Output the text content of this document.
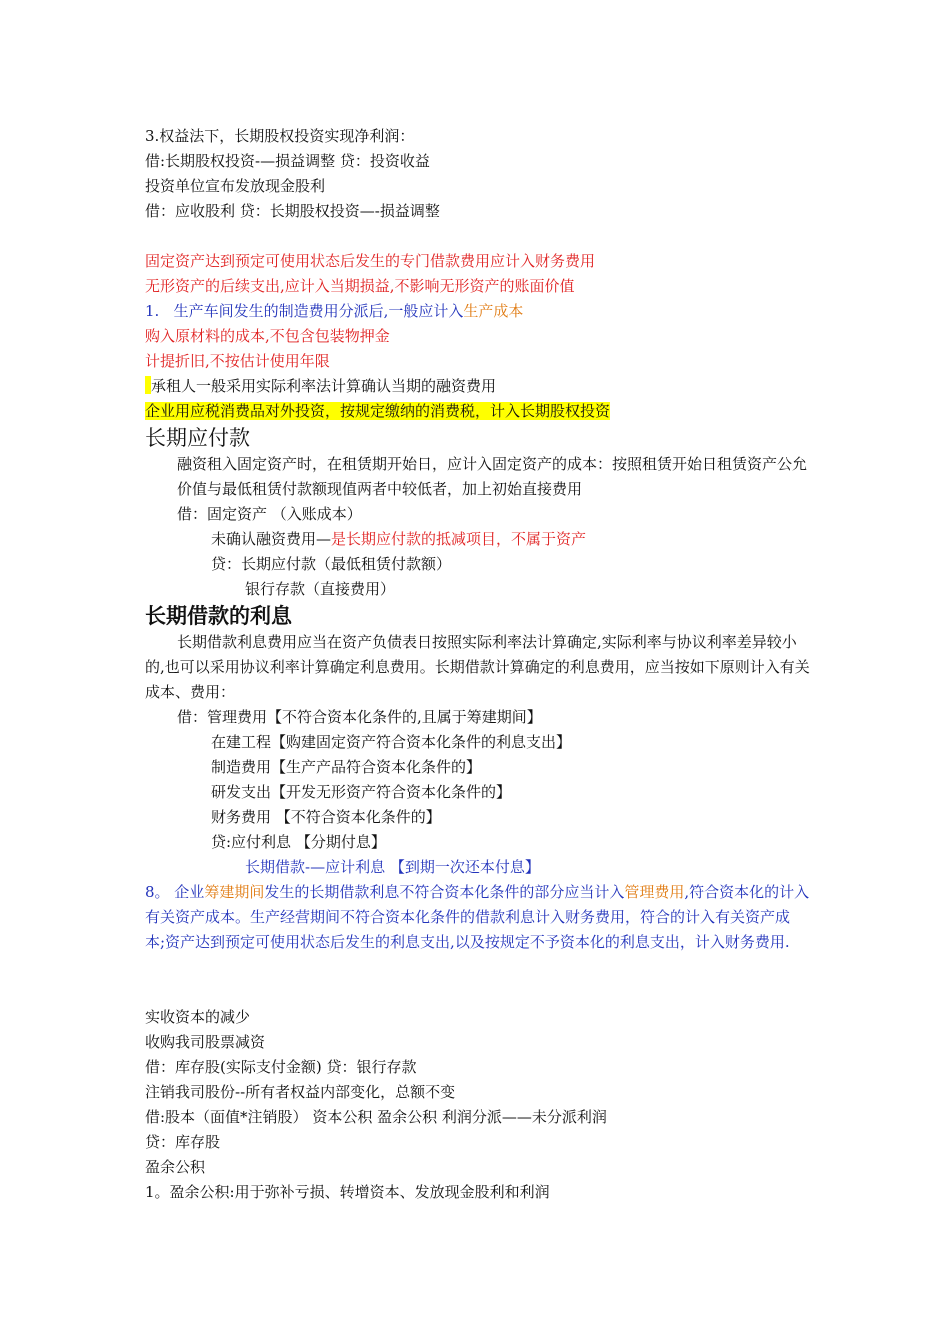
3.权益法下，长期股权投资实现净利润：
借:长期股权投资-—损益调整 贷：投资收益
投资单位宣布发放现金股利
借：应收股利 贷：长期股权投资—-损益调整
固定资产达到预定可使用状态后发生的专门借款费用应计入财务费用
无形资产的后续支出,应计入当期损益,不影响无形资产的账面价值
1. 生产车间发生的制造费用分派后,一般应计入生产成本
购入原材料的成本,不包含包装物押金
计提折旧,不按估计使用年限
承租人一般采用实际利率法计算确认当期的融资费用
企业用应税消费品对外投资，按规定缴纳的消费税，计入长期股权投资
长期应付款
融资租入固定资产时，在租赁期开始日，应计入固定资产的成本：按照租赁开始日租赁资产公允价值与最低租赁付款额现值两者中较低者，加上初始直接费用
借：固定资产 （入账成本）
未确认融资费用—是长期应付款的抵减项目，不属于资产
贷：长期应付款（最低租赁付款额）
银行存款（直接费用）
长期借款的利息
长期借款利息费用应当在资产负债表日按照实际利率法计算确定,实际利率与协议利率差异较小的,也可以采用协议利率计算确定利息费用。长期借款计算确定的利息费用，应当按如下原则计入有关成本、费用：
借：管理费用【不符合资本化条件的,且属于筹建期间】
在建工程【购建固定资产符合资本化条件的利息支出】
制造费用【生产产品符合资本化条件的】
研发支出【开发无形资产符合资本化条件的】
财务费用 【不符合资本化条件的】
贷:应付利息 【分期付息】
长期借款-—应计利息 【到期一次还本付息】
8。 企业筹建期间发生的长期借款利息不符合资本化条件的部分应当计入管理费用,符合资本化的计入有关资产成本。生产经营期间不符合资本化条件的借款利息计入财务费用，符合的计入有关资产成本;资产达到预定可使用状态后发生的利息支出,以及按规定不予资本化的利息支出，计入财务费用.
实收资本的减少
收购我司股票减资
借：库存股(实际支付金额) 贷：银行存款
注销我司股份--所有者权益内部变化，总额不变
借:股本（面值*注销股） 资本公积 盈余公积 利润分派——未分派利润
贷：库存股
盈余公积
1。盈余公积:用于弥补亏损、转增资本、发放现金股利和利润
